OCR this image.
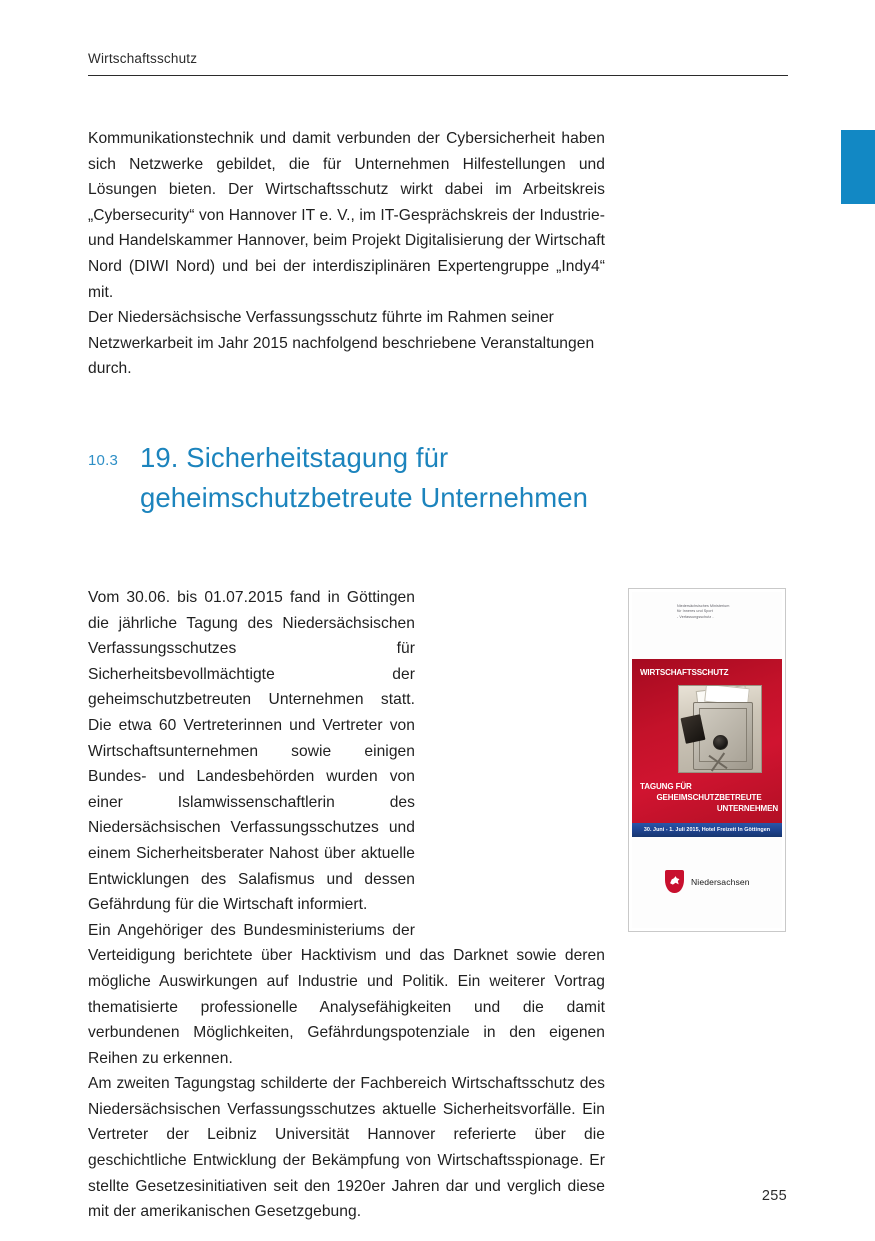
Wirtschaftsschutz

Kommunikationstechnik und damit verbunden der Cybersicherheit haben sich Netzwerke gebildet, die für Unternehmen Hilfestellungen und Lösungen bieten. Der Wirtschaftsschutz wirkt dabei im Arbeitskreis „Cybersecurity“ von Hannover IT e. V., im IT-Gesprächskreis der Industrie- und Handelskammer Hannover, beim Projekt Digitalisierung der Wirtschaft Nord (DIWI Nord) und bei der interdisziplinären Expertengruppe „Indy4“ mit.

Der Niedersächsische Verfassungsschutz führte im Rahmen seiner Netzwerkarbeit im Jahr 2015 nachfolgend beschriebene Veranstaltungen durch.

10.3 19. Sicherheitstagung für geheimschutzbetreute Unternehmen

Vom 30.06. bis 01.07.2015 fand in Göttingen die jährliche Tagung des Niedersächsischen Verfassungsschutzes für Sicherheitsbevollmächtigte der geheimschutzbetreuten Unternehmen statt. Die etwa 60 Vertreterinnen und Vertreter von Wirtschaftsunternehmen sowie einigen Bundes- und Landesbehörden wurden von einer Islamwissenschaftlerin des Niedersächsischen Verfassungsschutzes und einem Sicherheitsberater Nahost über aktuelle Entwicklungen des Salafismus und dessen Gefährdung für die Wirtschaft informiert.

Ein Angehöriger des Bundesministeriums der Verteidigung berichtete über Hacktivism und das Darknet sowie deren mögliche Auswirkungen auf Industrie und Politik. Ein weiterer Vortrag thematisierte professionelle Analysefähigkeiten und die damit verbundenen Möglichkeiten, Gefährdungspotenziale in den eigenen Reihen zu erkennen.

Am zweiten Tagungstag schilderte der Fachbereich Wirtschaftsschutz des Niedersächsischen Verfassungsschutzes aktuelle Sicherheitsvorfälle. Ein Vertreter der Leibniz Universität Hannover referierte über die geschichtliche Entwicklung der Bekämpfung von Wirtschaftsspionage. Er stellte Gesetzesinitiativen seit den 1920er Jahren dar und verglich diese mit der amerikanischen Gesetzgebung.

Niedersächsisches Ministerium
für Inneres und Sport
- Verfassungsschutz -
WIRTSCHAFTSSCHUTZ
TAGUNG FÜR
GEHEIMSCHUTZBETREUTE
UNTERNEHMEN
30. Juni - 1. Juli 2015, Hotel Freizeit In Göttingen
Niedersachsen
255
